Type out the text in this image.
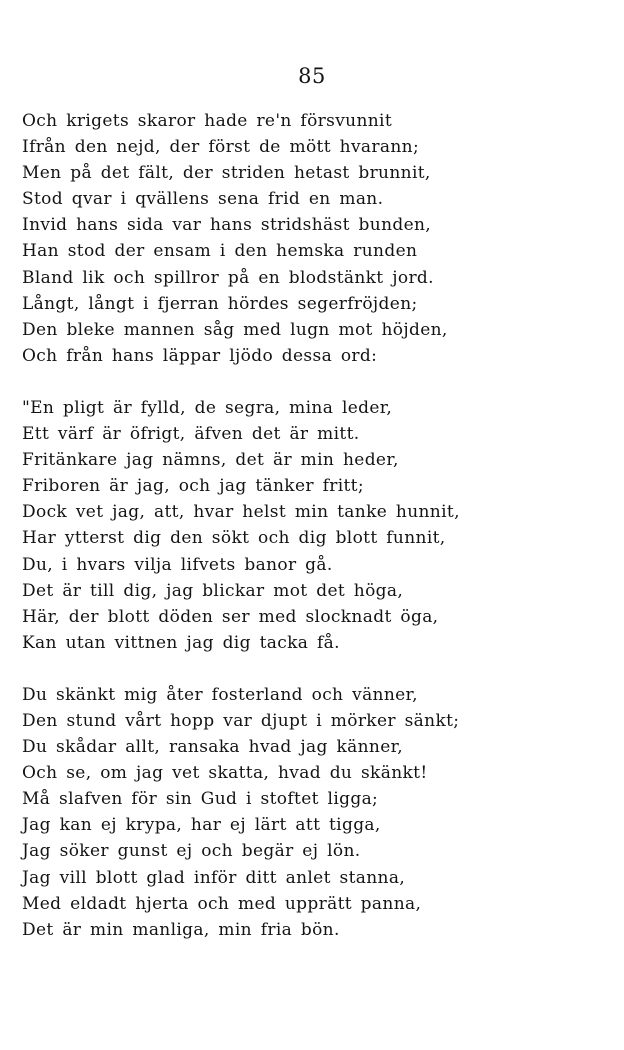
85
Och krigets skaror hade re'n försvunnit
Ifrån den nejd, der först de mött hvarann;
Men på det fält, der striden hetast brunnit,
Stod qvar i qvällens sena frid en man.
Invid hans sida var hans stridshäst bunden,
Han stod der ensam i den hemska runden
Bland lik och spillror på en blodstänkt jord.
Långt, långt i fjerran hördes segerfröjden;
Den bleke mannen såg med lugn mot höjden,
Och från hans läppar ljödo dessa ord:
"En pligt är fylld, de segra, mina leder,
Ett värf är öfrigt, äfven det är mitt.
Fritänkare jag nämns, det är min heder,
Friboren är jag, och jag tänker fritt;
Dock vet jag, att, hvar helst min tanke hunnit,
Har ytterst dig den sökt och dig blott funnit,
Du, i hvars vilja lifvets banor gå.
Det är till dig, jag blickar mot det höga,
Här, der blott döden ser med slocknadt öga,
Kan utan vittnen jag dig tacka få.
Du skänkt mig åter fosterland och vänner,
Den stund vårt hopp var djupt i mörker sänkt;
Du skådar allt, ransaka hvad jag känner,
Och se, om jag vet skatta, hvad du skänkt!
Må slafven för sin Gud i stoftet ligga;
Jag kan ej krypa, har ej lärt att tigga,
Jag söker gunst ej och begär ej lön.
Jag vill blott glad inför ditt anlet stanna,
Med eldadt hjerta och med upprätt panna,
Det är min manliga, min fria bön.
